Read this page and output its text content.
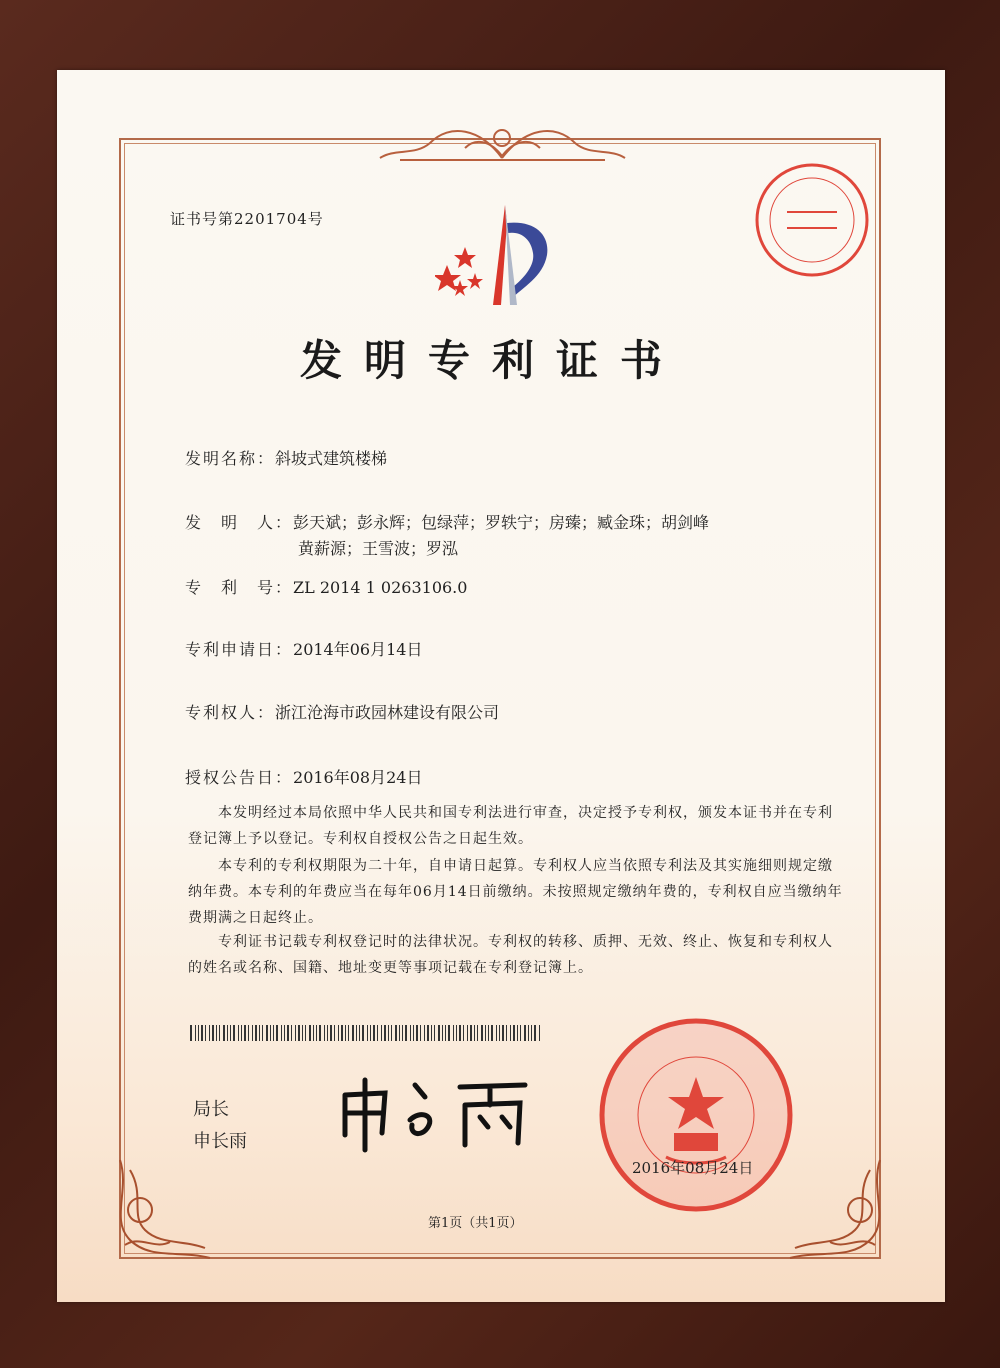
证书号第2201704号
发明专利证书
发明名称：斜坡式建筑楼梯
发　明　人：彭天斌；彭永辉；包绿萍；罗轶宁；房臻；臧金珠；胡剑峰
黄薪源；王雪波；罗泓
专　利　号：ZL 2014 1 0263106.0
专利申请日：2014年06月14日
专利权人：浙江沧海市政园林建设有限公司
授权公告日：2016年08月24日
　　本发明经过本局依照中华人民共和国专利法进行审查，决定授予专利权，颁发本证书并在专利登记簿上予以登记。专利权自授权公告之日起生效。
　　本专利的专利权期限为二十年，自申请日起算。专利权人应当依照专利法及其实施细则规定缴纳年费。本专利的年费应当在每年06月14日前缴纳。未按照规定缴纳年费的，专利权自应当缴纳年费期满之日起终止。
　　专利证书记载专利权登记时的法律状况。专利权的转移、质押、无效、终止、恢复和专利权人的姓名或名称、国籍、地址变更等事项记载在专利登记簿上。
局长
申长雨
2016年08月24日
第1页（共1页）
